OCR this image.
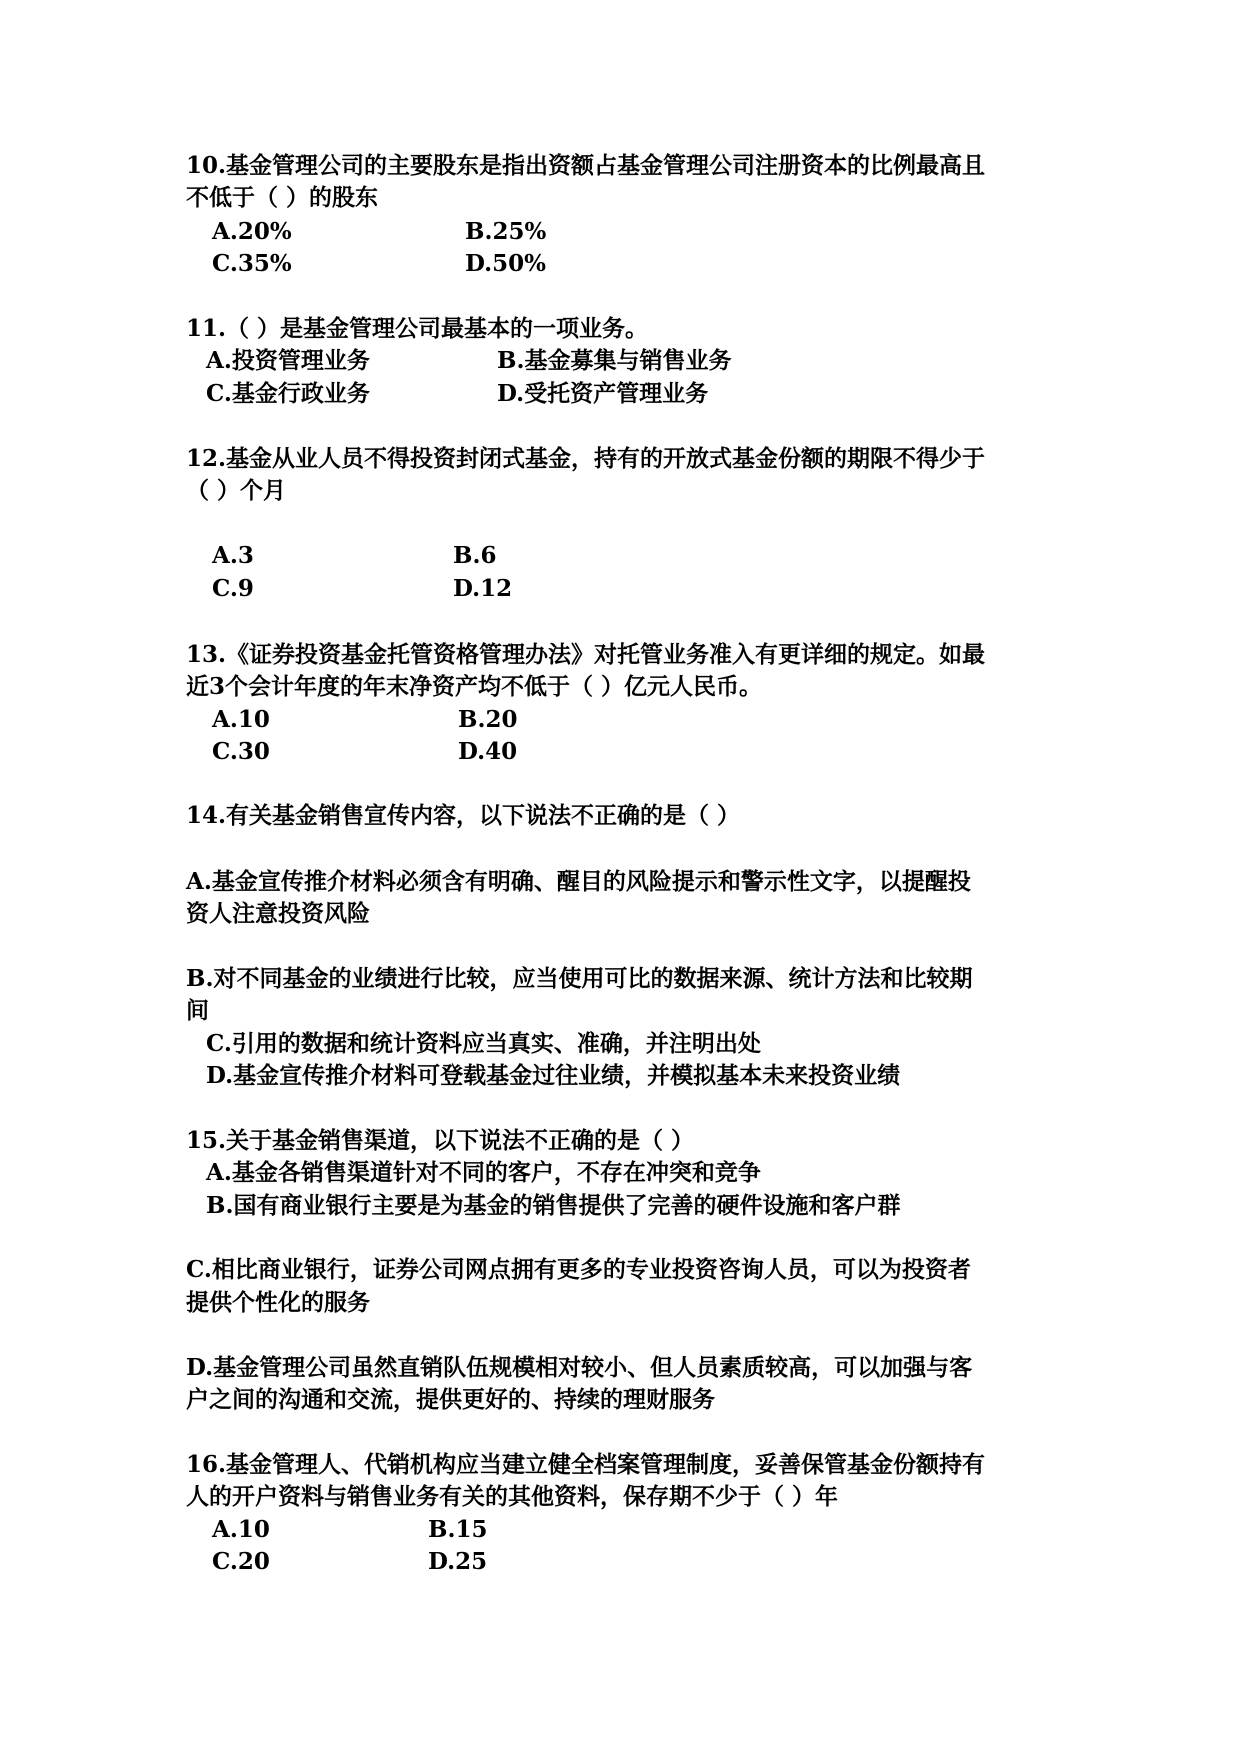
10.基金管理公司的主要股东是指出资额占基金管理公司注册资本的比例最高且
不低于（ ）的股东
A.20%	B.25%
C.35%	D.50%
11.（ ）是基金管理公司最基本的一项业务。
A.投资管理业务	B.基金募集与销售业务
C.基金行政业务	D.受托资产管理业务
12.基金从业人员不得投资封闭式基金，持有的开放式基金份额的期限不得少于
（ ）个月
A.3	B.6
C.9	D.12
13.《证券投资基金托管资格管理办法》对托管业务准入有更详细的规定。如最
近3个会计年度的年末净资产均不低于（ ）亿元人民币。
A.10	B.20
C.30	D.40
14.有关基金销售宣传内容，以下说法不正确的是（ ）
A.基金宣传推介材料必须含有明确、醒目的风险提示和警示性文字，以提醒投
资人注意投资风险
B.对不同基金的业绩进行比较，应当使用可比的数据来源、统计方法和比较期
间
C.引用的数据和统计资料应当真实、准确，并注明出处
D.基金宣传推介材料可登载基金过往业绩，并模拟基本未来投资业绩
15.关于基金销售渠道，以下说法不正确的是（ ）
A.基金各销售渠道针对不同的客户，不存在冲突和竞争
B.国有商业银行主要是为基金的销售提供了完善的硬件设施和客户群
C.相比商业银行，证券公司网点拥有更多的专业投资咨询人员，可以为投资者
提供个性化的服务
D.基金管理公司虽然直销队伍规模相对较小、但人员素质较高，可以加强与客
户之间的沟通和交流，提供更好的、持续的理财服务
16.基金管理人、代销机构应当建立健全档案管理制度，妥善保管基金份额持有
人的开户资料与销售业务有关的其他资料，保存期不少于（ ）年
A.10	B.15
C.20	D.25
